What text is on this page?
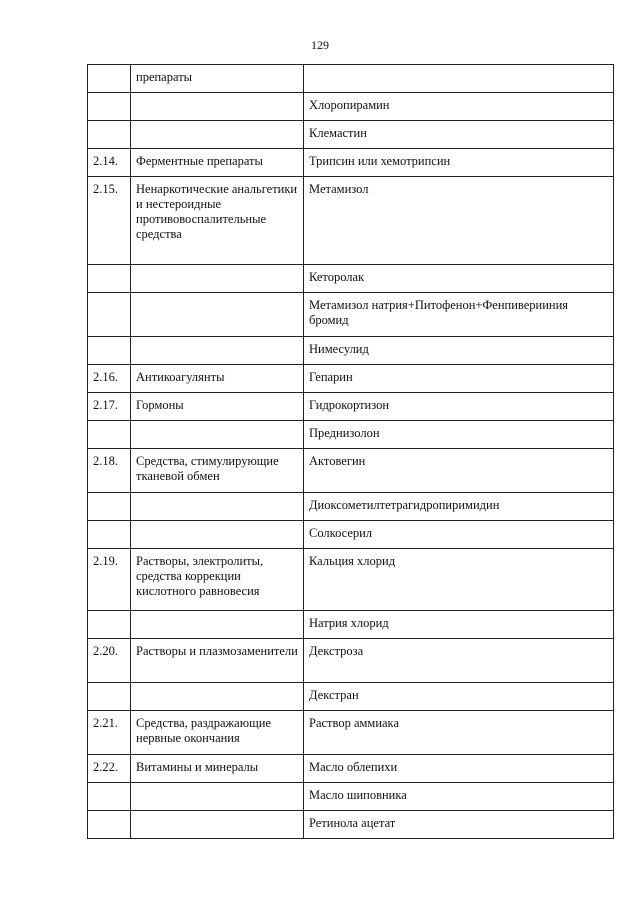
129
	препараты	
		Хлоропирамин
		Клемастин
2.14.	Ферментные препараты	Трипсин или хемотрипсин
2.15.	Ненаркотические анальгетики и нестероидные противовоспалительные средства	Метамизол
		Кеторолак
		Метамизол натрия+Питофенон+Фенпиверииния бромид
		Нимесулид
2.16.	Антикоагулянты	Гепарин
2.17.	Гормоны	Гидрокортизон
		Преднизолон
2.18.	Средства, стимулирующие тканевой обмен	Актовегин
		Диоксометилтетрагидропиримидин
		Солкосерил
2.19.	Растворы, электролиты, средства коррекции кислотного равновесия	Кальция хлорид
		Натрия хлорид
2.20.	Растворы и плазмозаменители	Декстроза
		Декстран
2.21.	Средства, раздражающие нервные окончания	Раствор аммиака
2.22.	Витамины и минералы	Масло облепихи
		Масло шиповника
		Ретинола ацетат
